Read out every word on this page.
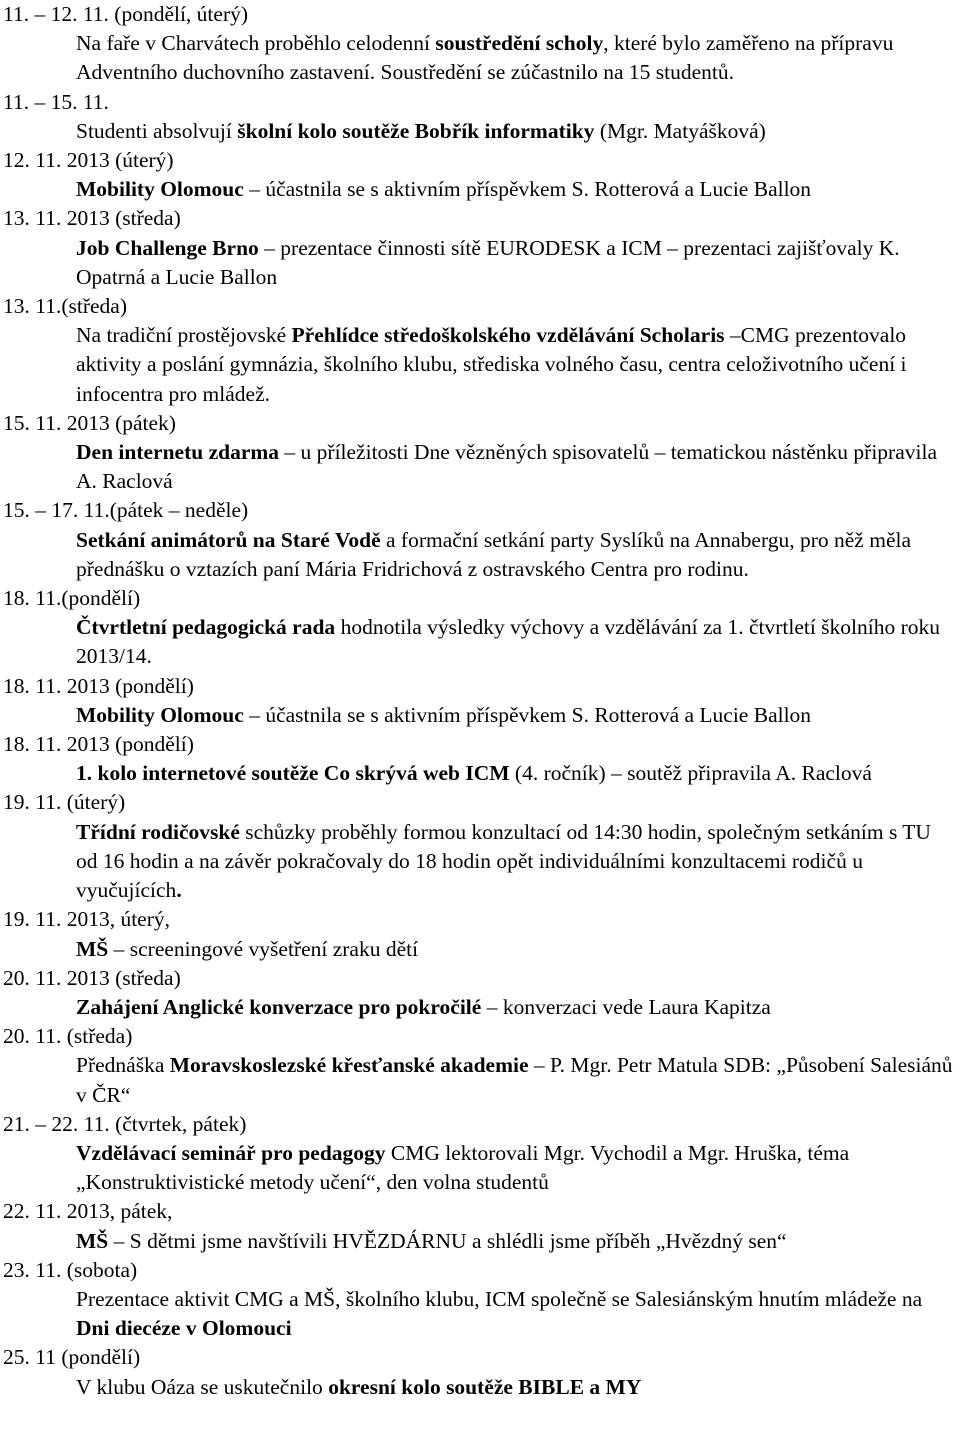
11. – 12. 11. (pondělí, úterý)
Na faře v Charvátech proběhlo celodenní soustředění scholy, které bylo zaměřeno na přípravu Adventního duchovního zastavení. Soustředění se zúčastnilo na 15 studentů.
11. – 15. 11.
Studenti absolvují školní kolo soutěže Bobřík informatiky (Mgr. Matyášková)
12. 11. 2013 (úterý)
Mobility Olomouc – účastnila se s aktivním příspěvkem S. Rotterová a Lucie Ballon
13. 11. 2013 (středa)
Job Challenge Brno – prezentace činnosti sítě EURODESK a ICM – prezentaci zajišťovaly K. Opatrná a Lucie Ballon
13. 11.(středa)
Na tradiční prostějovské Přehlídce středoškolského vzdělávání Scholaris –CMG prezentovalo aktivity a poslání gymnázia, školního klubu, střediska volného času, centra celoživotního učení i infocentra pro mládež.
15. 11. 2013 (pátek)
Den internetu zdarma – u příležitosti Dne vězněných spisovatelů – tematickou nástěnku připravila A. Raclová
15. – 17. 11.(pátek – neděle)
Setkání animátorů na Staré Vodě a formační setkání party Syslíků na Annabergu, pro něž měla přednášku o vztazích paní Mária Fridrichová z ostravského Centra pro rodinu.
18. 11.(pondělí)
Čtvrtletní pedagogická rada hodnotila výsledky výchovy a vzdělávání za 1. čtvrtletí školního roku 2013/14.
18. 11. 2013 (pondělí)
Mobility Olomouc – účastnila se s aktivním příspěvkem S. Rotterová a Lucie Ballon
18. 11. 2013 (pondělí)
1. kolo internetové soutěže Co skrývá web ICM (4. ročník) – soutěž připravila A. Raclová
19. 11. (úterý)
Třídní rodičovské schůzky proběhly formou konzultací od 14:30 hodin, společným setkáním s TU od 16 hodin a na závěr pokračovaly do 18 hodin opět individuálními konzultacemi rodičů u vyučujících.
19. 11. 2013, úterý,
MŠ – screeningové vyšetření zraku dětí
20. 11. 2013 (středa)
Zahájení Anglické konverzace pro pokročilé – konverzaci vede Laura Kapitza
20. 11. (středa)
Přednáška Moravskoslezské křesťanské akademie – P. Mgr. Petr Matula SDB: „Působení Salesiánů v ČR“
21. – 22. 11. (čtvrtek, pátek)
Vzdělávací seminář pro pedagogy CMG lektorovali Mgr. Vychodil a Mgr. Hruška, téma „Konstruktivistické metody učení“, den volna studentů
22. 11. 2013, pátek,
MŠ – S dětmi jsme navštívili HVĚZDÁRNU a shlédli jsme příběh „Hvězdný sen“
23. 11. (sobota)
Prezentace aktivit CMG a MŠ, školního klubu, ICM společně se Salesiánským hnutím mládeže na Dni diecéze v Olomouci
25. 11 (pondělí)
V klubu Oáza se uskutečnilo okresní kolo soutěže BIBLE a MY
